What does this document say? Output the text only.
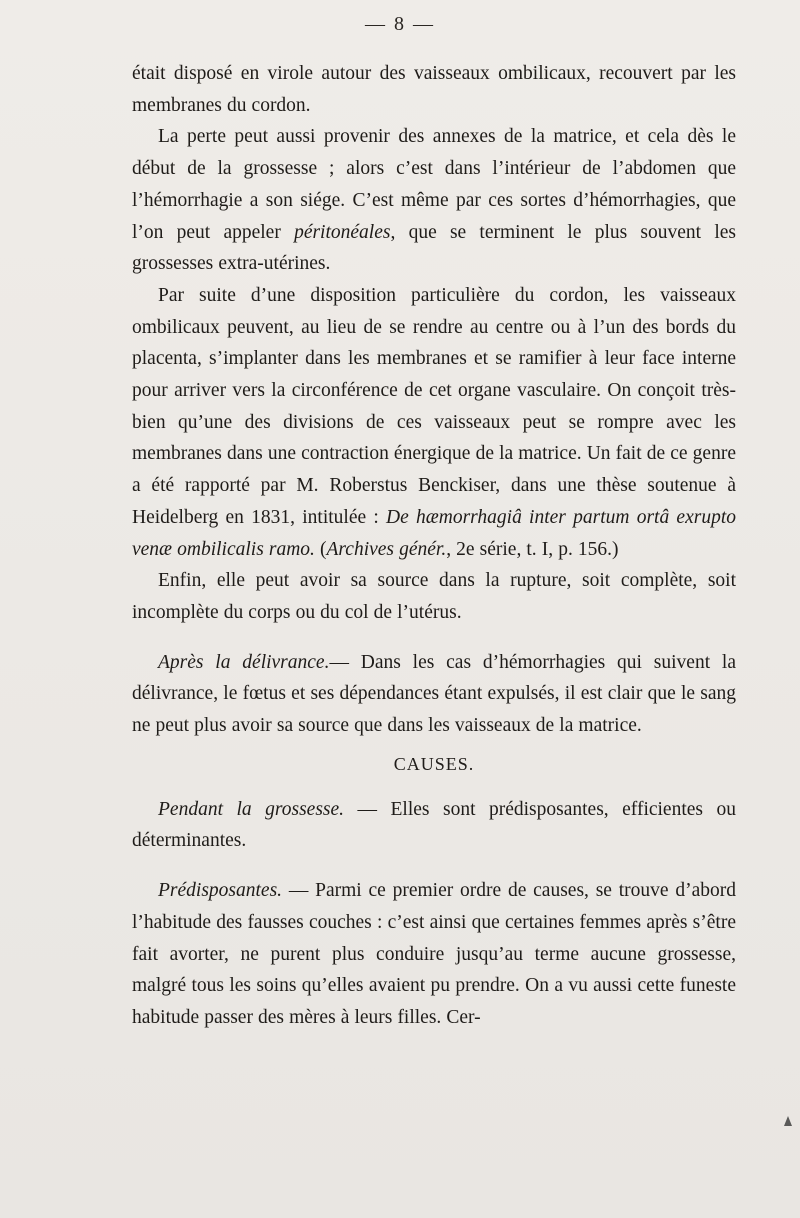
— 8 —

était disposé en virole autour des vaisseaux ombilicaux, recouvert par les membranes du cordon.

La perte peut aussi provenir des annexes de la matrice, et cela dès le début de la grossesse ; alors c’est dans l’intérieur de l’abdomen que l’hémorrhagie a son siége. C’est même par ces sortes d’hémorrhagies, que l’on peut appeler péritonéales, que se terminent le plus souvent les grossesses extra-utérines.

Par suite d’une disposition particulière du cordon, les vaisseaux ombilicaux peuvent, au lieu de se rendre au centre ou à l’un des bords du placenta, s’implanter dans les membranes et se ramifier à leur face interne pour arriver vers la circonférence de cet organe vasculaire. On conçoit très-bien qu’une des divisions de ces vaisseaux peut se rompre avec les membranes dans une contraction énergique de la matrice. Un fait de ce genre a été rapporté par M. Roberstus Benckiser, dans une thèse soutenue à Heidelberg en 1831, intitulée : De hæmorrhagiâ inter partum ortâ exrupto venæ ombilicalis ramo. (Archives génér., 2e série, t. I, p. 156.)

Enfin, elle peut avoir sa source dans la rupture, soit complète, soit incomplète du corps ou du col de l’utérus.

Après la délivrance.— Dans les cas d’hémorrhagies qui suivent la délivrance, le fœtus et ses dépendances étant expulsés, il est clair que le sang ne peut plus avoir sa source que dans les vaisseaux de la matrice.

CAUSES.

Pendant la grossesse. — Elles sont prédisposantes, efficientes ou déterminantes.

Prédisposantes. — Parmi ce premier ordre de causes, se trouve d’abord l’habitude des fausses couches : c’est ainsi que certaines femmes après s’être fait avorter, ne purent plus conduire jusqu’au terme aucune grossesse, malgré tous les soins qu’elles avaient pu prendre. On a vu aussi cette funeste habitude passer des mères à leurs filles. Cer-
